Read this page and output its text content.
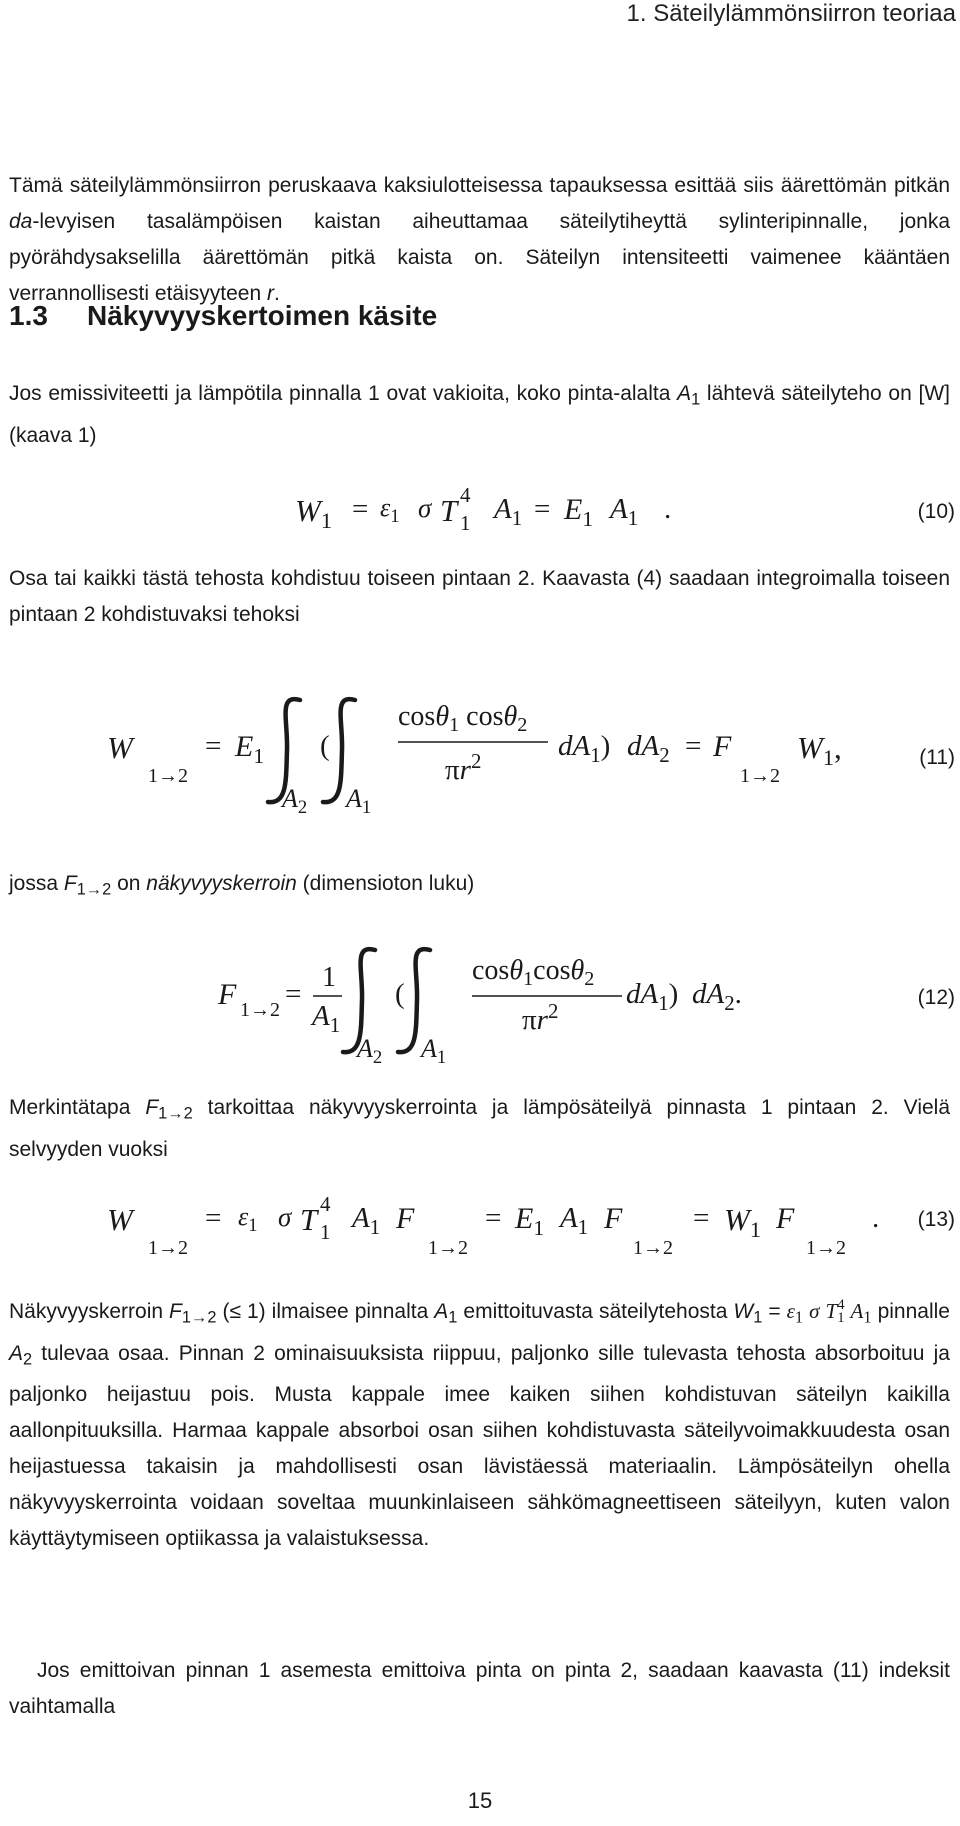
1. Säteilylämmönsiirron teoriaa

Tämä säteilylämmönsiirron peruskaava kaksiulotteisessa tapauksessa esittää siis äärettömän pitkän da-levyisen tasalämpöisen kaistan aiheuttamaa säteilytiheyttä sylinteripinnalle, jonka pyörähdysakselilla äärettömän pitkä kaista on. Säteilyn intensiteetti vaimenee kääntäen verrannollisesti etäisyyteen r.

1.3 Näkyvyyskertoimen käsite

Jos emissiviteetti ja lämpötila pinnalla 1 ovat vakioita, koko pinta-alalta $A_1$ lähtevä säteilyteho on [W] (kaava 1)

$W_1 = \varepsilon_1$ σ T 4
1 $A_1 = E_1$ $A_1$ .	(10)

Osa tai kaikki tästä tehosta kohdistuu toiseen pintaan 2. Kaavasta (4) saadaan integroimalla toiseen pintaan 2 kohdistuvaksi tehoksi

W
1→2
= $E_1$
$A_2$
(
$A_1$
cosθ$_1$ cosθ$_2$
$\pi r^2$	$dA_1$) $dA_2 = F$
1→2
$W_1$,	(11)

jossa $F_{1\to 2}$ on näkyvyyskerroin (dimensioton luku)

F 1→2 =
1
$A_1$
$A_2$
(
$A_1$
cosθ$_1$cosθ$_2$
$\pi r^2$
$dA_1$) $dA_2$.	(12)

Merkintätapa $F_{1\to 2}$ tarkoittaa näkyvyyskerrointa ja lämpösäteilyä pinnasta 1 pintaan 2. Vielä selvyyden vuoksi

W
1→2
= $\varepsilon_1$ σ T 4
1 $A_1$ F
1→2
= $E_1$ $A_1$ F
1→2
= $W_1$ F
1→2
. (13)

Näkyvyyskerroin $F_{1\to 2}$ (≤ 1) ilmaisee pinnalta $A_1$ emittoituvasta säteilytehosta $W_1 = \varepsilon_1$ σ T 4
1 $A_1$ pinnalle $A_2$ tulevaa osaa. Pinnan 2 ominaisuuksista riippuu, paljonko sille tulevasta tehosta absorboituu ja paljonko heijastuu pois. Musta kappale imee kaiken siihen kohdistuvan säteilyn kaikilla aallonpituuksilla. Harmaa kappale absorboi osan siihen kohdistuvasta säteilyvoimakkuudesta osan heijastuessa takaisin ja mahdollisesti osan lävistäessä materiaalin. Lämpösäteilyn ohella näkyvyyskerrointa voidaan soveltaa muunkinlaiseen sähkömagneettiseen säteilyyn, kuten valon käyttäytymiseen optiikassa ja valaistuksessa.

Jos emittoivan pinnan 1 asemesta emittoiva pinta on pinta 2, saadaan kaavasta (11) indeksit vaihtamalla

15
